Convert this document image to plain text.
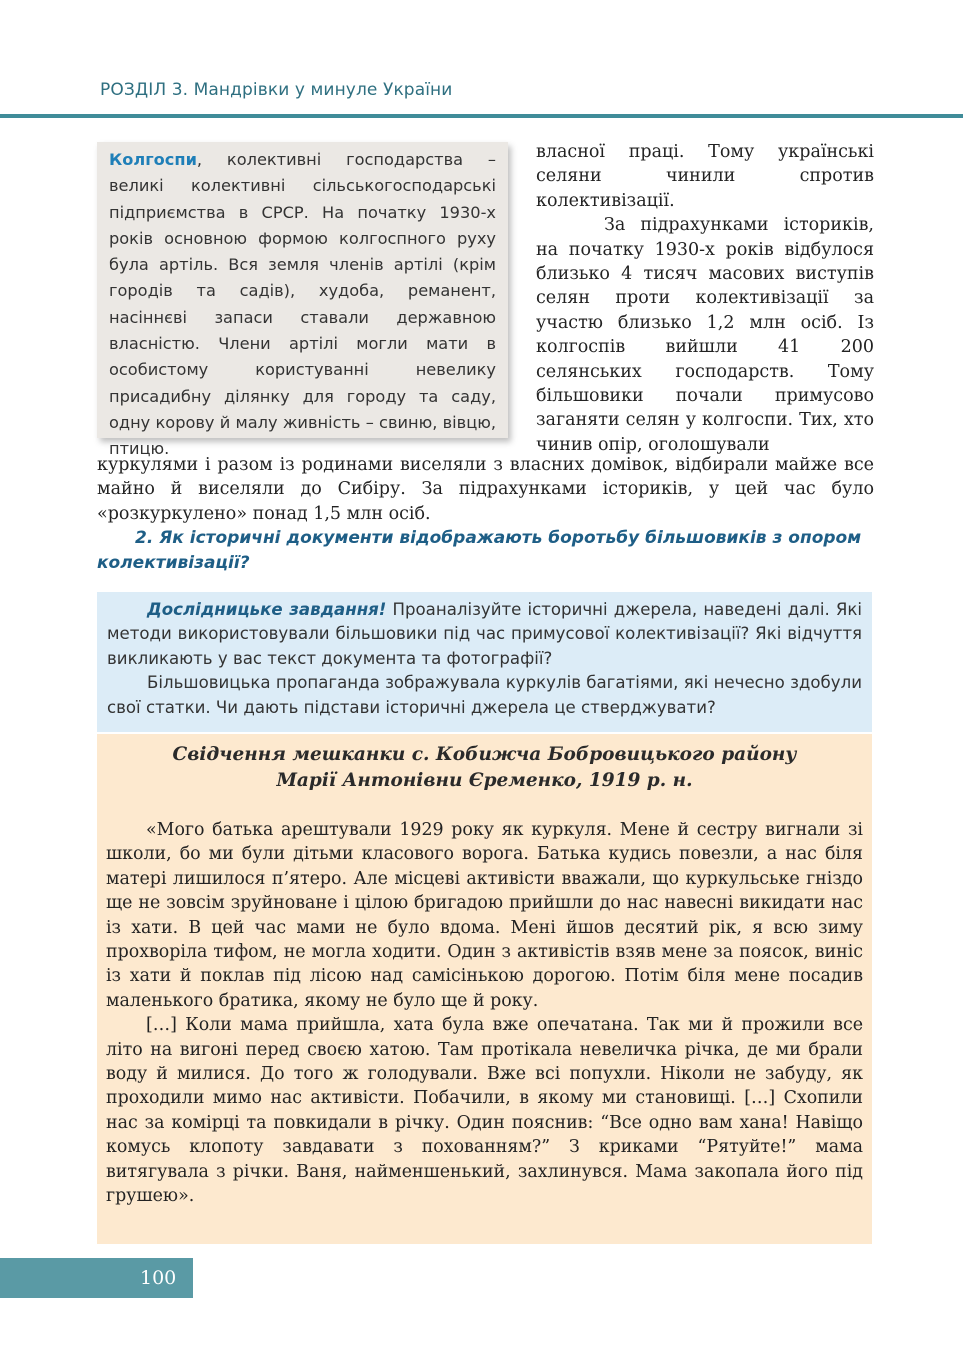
РОЗДІЛ 3. Мандрівки у минуле України
Колгоспи, колективні господарства – великі колективні сільськогосподарські підприємства в СРСР. На початку 1930-х років основною формою колгоспного руху була артіль. Вся земля членів артілі (крім городів та садів), худоба, реманент, насіннєві запаси ставали державною власністю. Члени артілі могли мати в особистому користуванні невелику присадибну ділянку для городу та саду, одну корову й малу живність – свиню, вівцю, птицю.

власної праці. Тому українські селяни чинили спротив колективізації.

За підрахунками істориків, на початку 1930-х років відбулося близько 4 тисяч масових виступів селян проти колективізації за участю близько 1,2 млн осіб. Із колгоспів вийшли 41 200 селянських господарств. Тому більшовики почали примусово заганяти селян у колгоспи. Тих, хто чинив опір, оголошували

куркулями і разом із родинами виселяли з власних домівок, відбирали майже все майно й виселяли до Сибіру. За підрахунками істориків, у цей час було «розкуркулено» понад 1,5 млн осіб.

2. Як історичні документи відображають боротьбу більшовиків з опором колективізації?

Дослідницьке завдання! Проаналізуйте історичні джерела, наведені далі. Які методи використовували більшовики під час примусової колективізації? Які відчуття викликають у вас текст документа та фотографії?

Більшовицька пропаганда зображувала куркулів багатіями, які нечесно здобули свої статки. Чи дають підстави історичні джерела це стверджувати?

Свідчення мешканки с. Кобижча Бобровицького району
Марії Антонівни Єременко, 1919 р. н.

«Мого батька арештували 1929 року як куркуля. Мене й сестру вигнали зі школи, бо ми були дітьми класового ворога. Батька кудись повезли, а нас біля матері лишилося п’ятеро. Але місцеві активісти вважали, що куркульське гніздо ще не зовсім зруйноване і цілою бригадою прийшли до нас навесні викидати нас із хати. В цей час мами не було вдома. Мені йшов десятий рік, я всю зиму прохворіла тифом, не могла ходити. Один з активістів взяв мене за поясок, виніс із хати й поклав під лісою над самісінькою дорогою. Потім біля мене посадив маленького братика, якому не було ще й року.

[…] Коли мама прийшла, хата була вже опечатана. Так ми й прожили все літо на вигоні перед своєю хатою. Там протікала невеличка річка, де ми брали воду й милися. До того ж голодували. Вже всі попухли. Ніколи не забуду, як проходили мимо нас активісти. Побачили, в якому ми становищі. […] Схопили нас за комірці та повкидали в річку. Один пояснив: “Все одно вам хана! Навіщо комусь клопоту завдавати з похованням?” З криками “Рятуйте!” мама витягувала з річки. Ваня, найменшенький, захлинувся. Мама закопала його під грушею».

100
